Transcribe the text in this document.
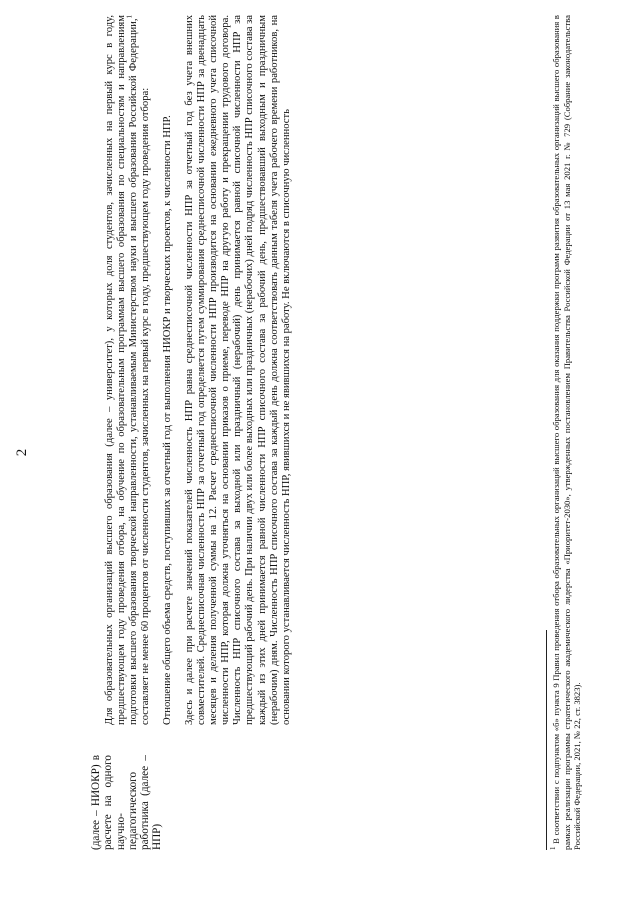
2
(далее – НИОКР) в расчете на одного научно-педагогического работника (далее – НПР)

Для образовательных организаций высшего образования (далее – университет), у которых доля студентов, зачисленных на первый курс в году, предшествующем году проведения отбора, на обучение по образовательным программам высшего образования по специальностям и направлениям подготовки высшего образования творческой направленности, устанавливаемым Министерством науки и высшего образования Российской Федерации,$^1$ составляет не менее 60 процентов от численности студентов, зачисленных на первый курс в году, предшествующем году проведения отбора: Отношение общего объема средств, поступивших за отчетный год от выполнения НИОКР и творческих проектов, к численности НПР. Здесь и далее при расчете значений показателей численность НПР равна среднесписочной численности НПР за отчетный год без учета внешних совместителей. Среднесписочная численность НПР за отчетный год определяется путем суммирования среднесписочной численности НПР за двенадцать месяцев и деления полученной суммы на 12. Расчет среднесписочной численности НПР производится на основании ежедневного учета списочной численности НПР, которая должна уточняться на основании приказов о приеме, переводе НПР на другую работу и прекращении трудового договора. Численность НПР списочного состава за выходной или праздничный (нерабочий) день принимается равной списочной численности НПР за предшествующий рабочий день. При наличии двух или более выходных или праздничных (нерабочих) дней подряд численность НПР списочного состава за каждый из этих дней принимается равной численности НПР списочного состава за рабочий день, предшествовавший выходным и праздничным (нерабочим) дням. Численность НПР списочного состава за каждый день должна соответствовать данным табеля учета рабочего времени работников, на основании которого устанавливается численность НПР, явившихся и не явившихся на работу. Не включаются в списочную численность

$^1$ В соответствии с подпунктом «б» пункта 9 Правил проведения отбора образовательных организаций высшего образования для оказания поддержки программ развития образовательных организаций высшего образования в рамках реализации программы стратегического академического лидерства «Приоритет-2030», утвержденных постановлением Правительства Российской Федерации от 13 мая 2021 г. № 729 (Собрание законодательства Российской Федерации, 2021, № 22, ст. 3823).
